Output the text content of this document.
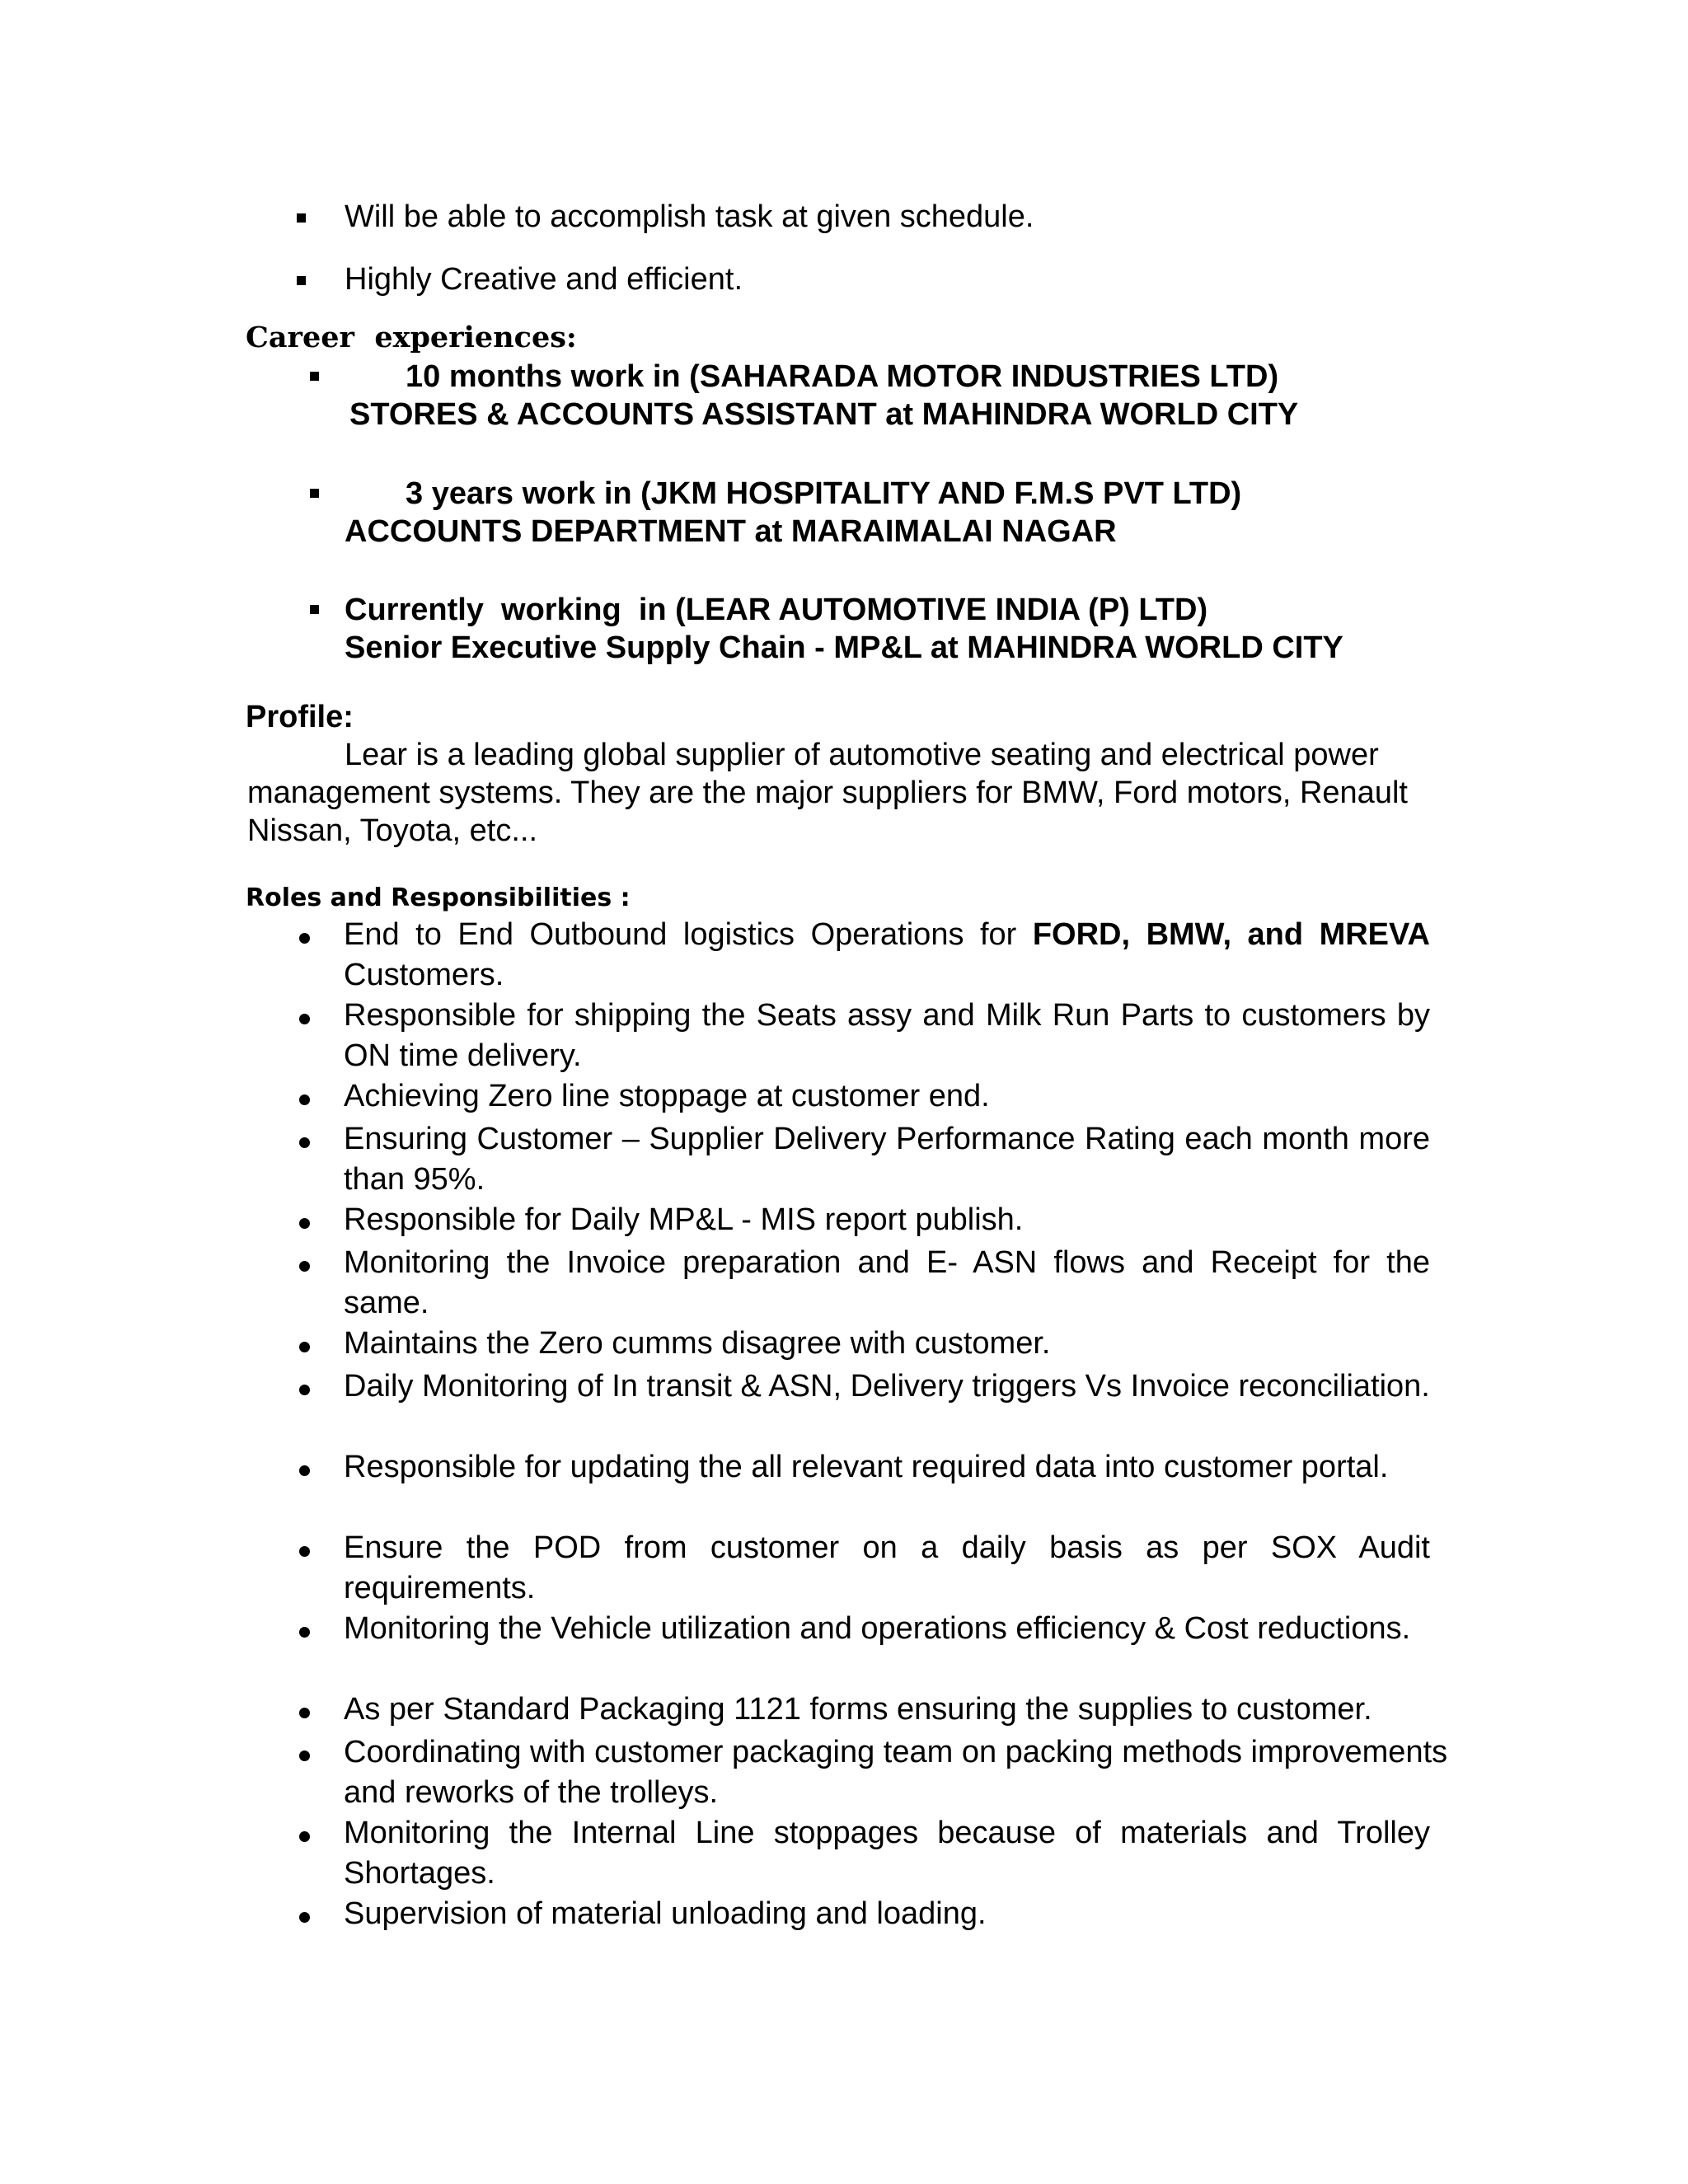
Will be able to accomplish task at given schedule.
Highly Creative and efficient.
Career  experiences:
10 months work in (SAHARADA MOTOR INDUSTRIES LTD)
STORES & ACCOUNTS ASSISTANT at MAHINDRA WORLD CITY
3 years work in (JKM HOSPITALITY AND F.M.S PVT LTD)
ACCOUNTS DEPARTMENT at MARAIMALAI NAGAR
Currently  working  in (LEAR AUTOMOTIVE INDIA (P) LTD)
Senior Executive Supply Chain - MP&L at MAHINDRA WORLD CITY
Profile:
Lear is a leading global supplier of automotive seating and electrical power management systems. They are the major suppliers for BMW, Ford motors, Renault Nissan, Toyota, etc...
Roles and Responsibilities :
End to End Outbound logistics Operations for FORD, BMW, and MREVA
Customers.
Responsible for shipping the Seats assy and Milk Run Parts to customers by ON time delivery.
Achieving Zero line stoppage at customer end.
Ensuring Customer – Supplier Delivery Performance Rating each month more than 95%.
Responsible for Daily MP&L - MIS report publish.
Monitoring the Invoice preparation and E- ASN flows and Receipt for the same.
Maintains the Zero cumms disagree with customer.
Daily Monitoring of In transit & ASN, Delivery triggers Vs Invoice reconciliation.
Responsible for updating the all relevant required data into customer portal.
Ensure the POD from customer on a daily basis as per SOX Audit requirements.
Monitoring the Vehicle utilization and operations efficiency & Cost reductions.
As per Standard Packaging 1121 forms ensuring the supplies to customer.
Coordinating with customer packaging team on packing methods improvements and reworks of the trolleys.
Monitoring the Internal Line stoppages because of materials and Trolley Shortages.
Supervision of material unloading and loading.
